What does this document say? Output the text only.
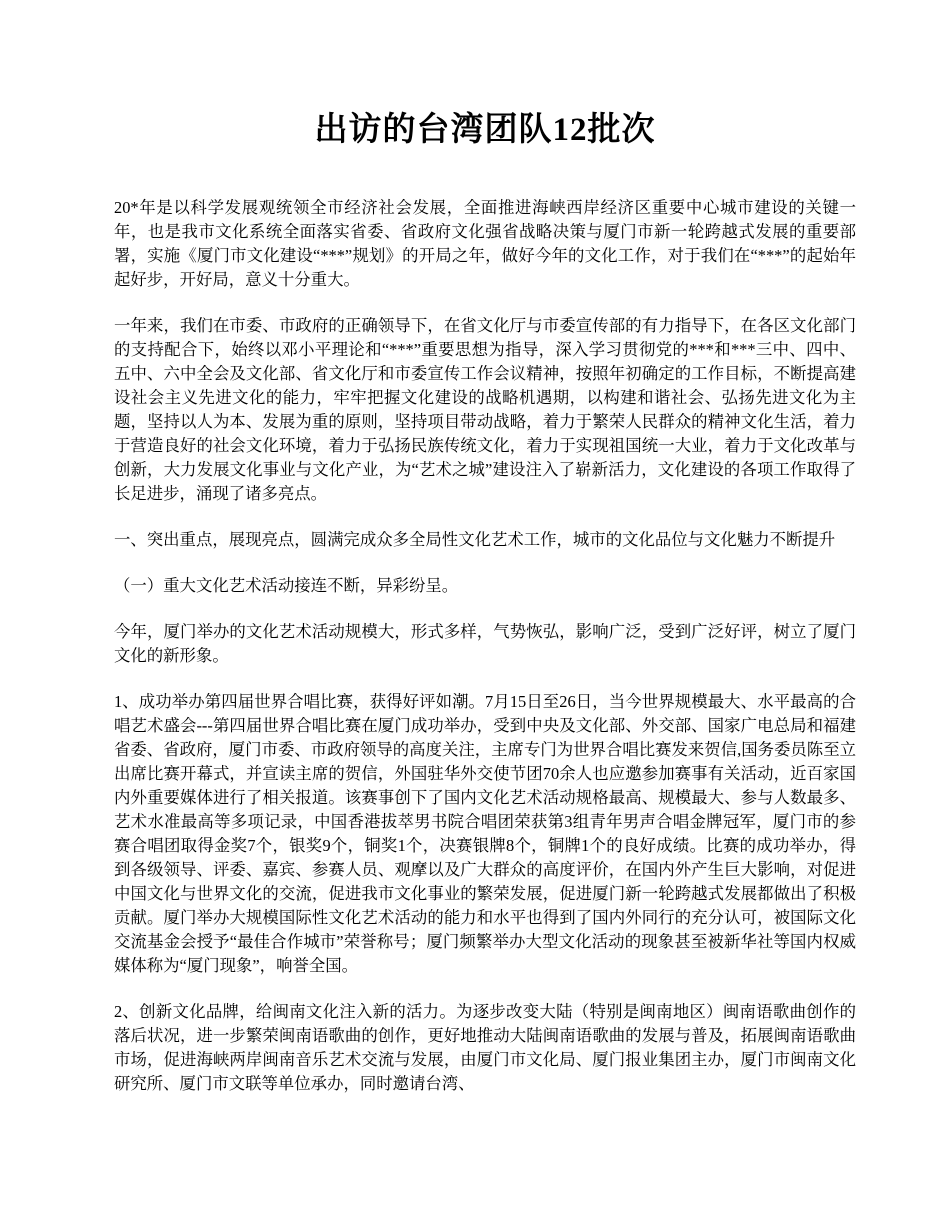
出访的台湾团队12批次

20*年是以科学发展观统领全市经济社会发展，全面推进海峡西岸经济区重要中心城市建设的关键一年，也是我市文化系统全面落实省委、省政府文化强省战略决策与厦门市新一轮跨越式发展的重要部署，实施《厦门市文化建设“***”规划》的开局之年，做好今年的文化工作，对于我们在“***”的起始年起好步，开好局，意义十分重大。

一年来，我们在市委、市政府的正确领导下，在省文化厅与市委宣传部的有力指导下，在各区文化部门的支持配合下，始终以邓小平理论和“***”重要思想为指导，深入学习贯彻党的***和***三中、四中、五中、六中全会及文化部、省文化厅和市委宣传工作会议精神，按照年初确定的工作目标，不断提高建设社会主义先进文化的能力，牢牢把握文化建设的战略机遇期，以构建和谐社会、弘扬先进文化为主题，坚持以人为本、发展为重的原则，坚持项目带动战略，着力于繁荣人民群众的精神文化生活，着力于营造良好的社会文化环境，着力于弘扬民族传统文化，着力于实现祖国统一大业，着力于文化改革与创新，大力发展文化事业与文化产业，为“艺术之城”建设注入了崭新活力，文化建设的各项工作取得了长足进步，涌现了诸多亮点。

一、突出重点，展现亮点，圆满完成众多全局性文化艺术工作，城市的文化品位与文化魅力不断提升

（一）重大文化艺术活动接连不断，异彩纷呈。

今年，厦门举办的文化艺术活动规模大，形式多样，气势恢弘，影响广泛，受到广泛好评，树立了厦门文化的新形象。

1、成功举办第四届世界合唱比赛，获得好评如潮。7月15日至26日，当今世界规模最大、水平最高的合唱艺术盛会---第四届世界合唱比赛在厦门成功举办，受到中央及文化部、外交部、国家广电总局和福建省委、省政府，厦门市委、市政府领导的高度关注，主席专门为世界合唱比赛发来贺信,国务委员陈至立出席比赛开幕式，并宣读主席的贺信，外国驻华外交使节团70余人也应邀参加赛事有关活动，近百家国内外重要媒体进行了相关报道。该赛事创下了国内文化艺术活动规格最高、规模最大、参与人数最多、艺术水准最高等多项记录，中国香港拔萃男书院合唱团荣获第3组青年男声合唱金牌冠军，厦门市的参赛合唱团取得金奖7个，银奖9个，铜奖1个，决赛银牌8个，铜牌1个的良好成绩。比赛的成功举办，得到各级领导、评委、嘉宾、参赛人员、观摩以及广大群众的高度评价，在国内外产生巨大影响，对促进中国文化与世界文化的交流，促进我市文化事业的繁荣发展，促进厦门新一轮跨越式发展都做出了积极贡献。厦门举办大规模国际性文化艺术活动的能力和水平也得到了国内外同行的充分认可，被国际文化交流基金会授予“最佳合作城市”荣誉称号；厦门频繁举办大型文化活动的现象甚至被新华社等国内权威媒体称为“厦门现象”，响誉全国。

2、创新文化品牌，给闽南文化注入新的活力。为逐步改变大陆（特别是闽南地区）闽南语歌曲创作的落后状况，进一步繁荣闽南语歌曲的创作，更好地推动大陆闽南语歌曲的发展与普及，拓展闽南语歌曲市场，促进海峡两岸闽南音乐艺术交流与发展，由厦门市文化局、厦门报业集团主办，厦门市闽南文化研究所、厦门市文联等单位承办，同时邀请台湾、
